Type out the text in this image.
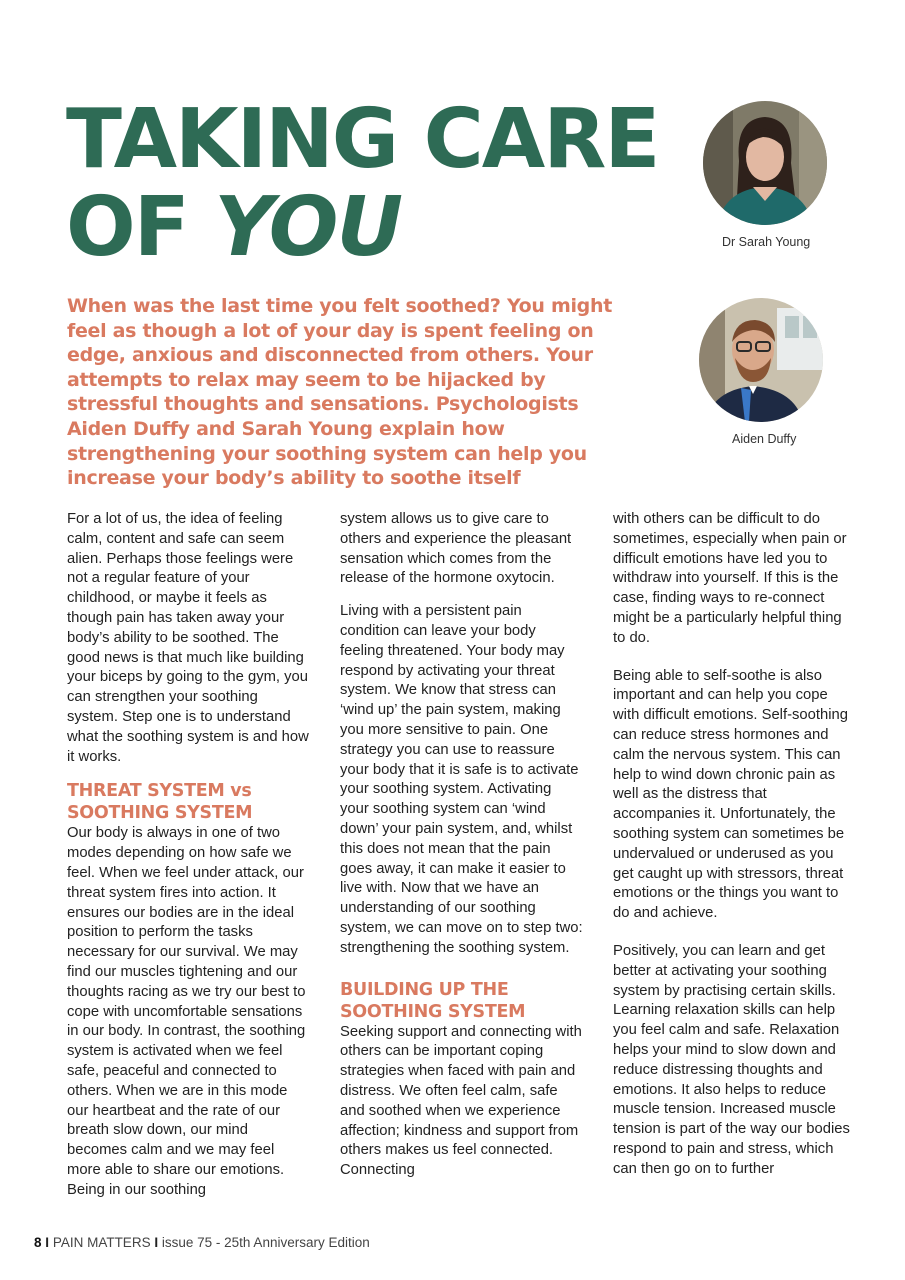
TAKING CARE
OF YOU

When was the last time you felt soothed? You might feel as though a lot of your day is spent feeling on edge, anxious and disconnected from others. Your attempts to relax may seem to be hijacked by stressful thoughts and sensations. Psychologists Aiden Duffy and Sarah Young explain how strengthening your soothing system can help you increase your body’s ability to soothe itself

Dr Sarah Young
Aiden Duffy

For a lot of us, the idea of feeling calm, content and safe can seem alien. Perhaps those feelings were not a regular feature of your childhood, or maybe it feels as though pain has taken away your body’s ability to be soothed. The good news is that much like building your biceps by going to the gym, you can strengthen your soothing system. Step one is to understand what the soothing system is and how it works.

THREAT SYSTEM vs
SOOTHING SYSTEM

Our body is always in one of two modes depending on how safe we feel. When we feel under attack, our threat system fires into action. It ensures our bodies are in the ideal position to perform the tasks necessary for our survival. We may find our muscles tightening and our thoughts racing as we try our best to cope with uncomfortable sensations in our body. In contrast, the soothing system is activated when we feel safe, peaceful and connected to others. When we are in this mode our heartbeat and the rate of our breath slow down, our mind becomes calm and we may feel more able to share our emotions. Being in our soothing

system allows us to give care to others and experience the pleasant sensation which comes from the release of the hormone oxytocin.

Living with a persistent pain condition can leave your body feeling threatened. Your body may respond by activating your threat system. We know that stress can ‘wind up’ the pain system, making you more sensitive to pain. One strategy you can use to reassure your body that it is safe is to activate your soothing system. Activating your soothing system can ‘wind down’ your pain system, and, whilst this does not mean that the pain goes away, it can make it easier to live with. Now that we have an understanding of our soothing system, we can move on to step two: strengthening the soothing system.

BUILDING UP THE
SOOTHING SYSTEM

Seeking support and connecting with others can be important coping strategies when faced with pain and distress. We often feel calm, safe and soothed when we experience affection; kindness and support from others makes us feel connected. Connecting

with others can be difficult to do sometimes, especially when pain or difficult emotions have led you to withdraw into yourself. If this is the case, finding ways to re-connect might be a particularly helpful thing to do.

Being able to self-soothe is also important and can help you cope with difficult emotions. Self-soothing can reduce stress hormones and calm the nervous system. This can help to wind down chronic pain as well as the distress that accompanies it. Unfortunately, the soothing system can sometimes be undervalued or underused as you get caught up with stressors, threat emotions or the things you want to do and achieve.

Positively, you can learn and get better at activating your soothing system by practising certain skills. Learning relaxation skills can help you feel calm and safe. Relaxation helps your mind to slow down and reduce distressing thoughts and emotions. It also helps to reduce muscle tension. Increased muscle tension is part of the way our bodies respond to pain and stress, which can then go on to further

8 I PAIN MATTERS I issue 75 - 25th Anniversary Edition
